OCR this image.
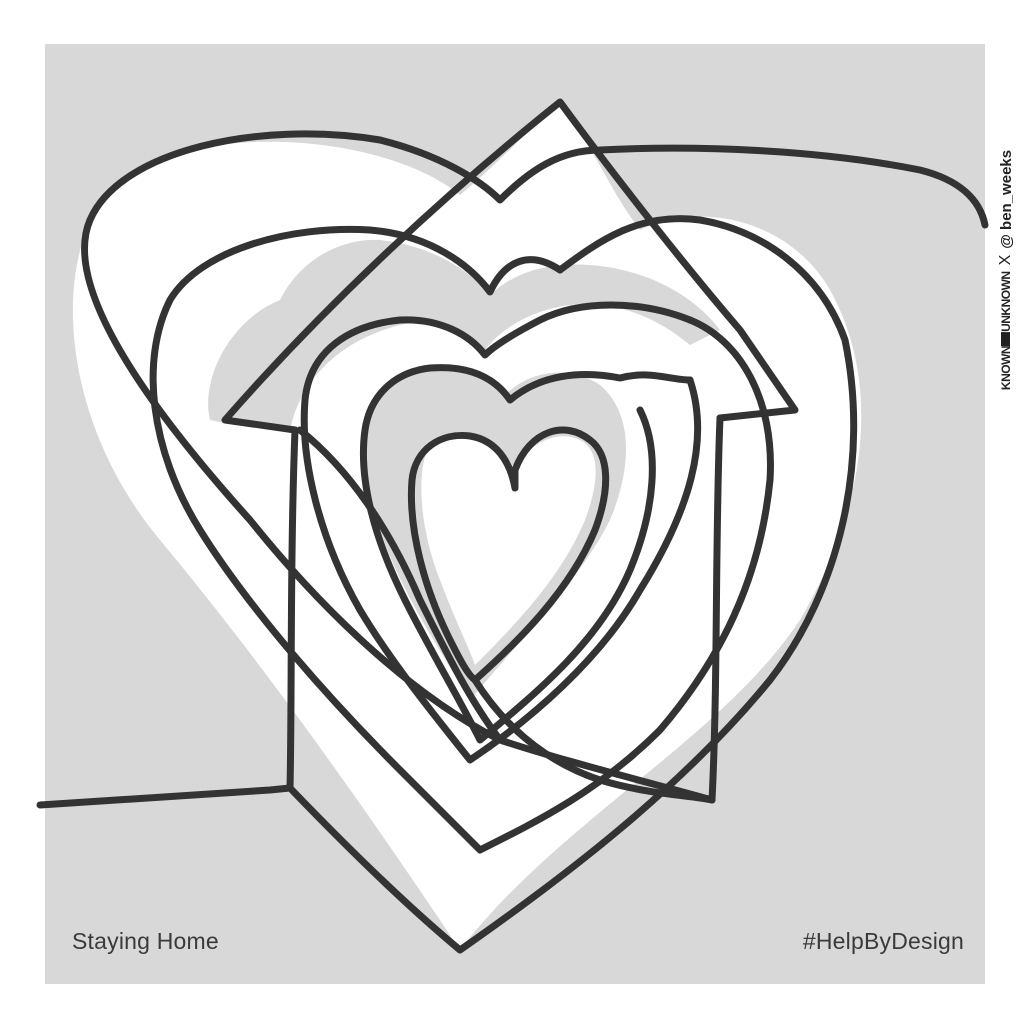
Staying Home	#HelpByDesign
KNOWNUNKNOWN
X
@ ben_weeks
